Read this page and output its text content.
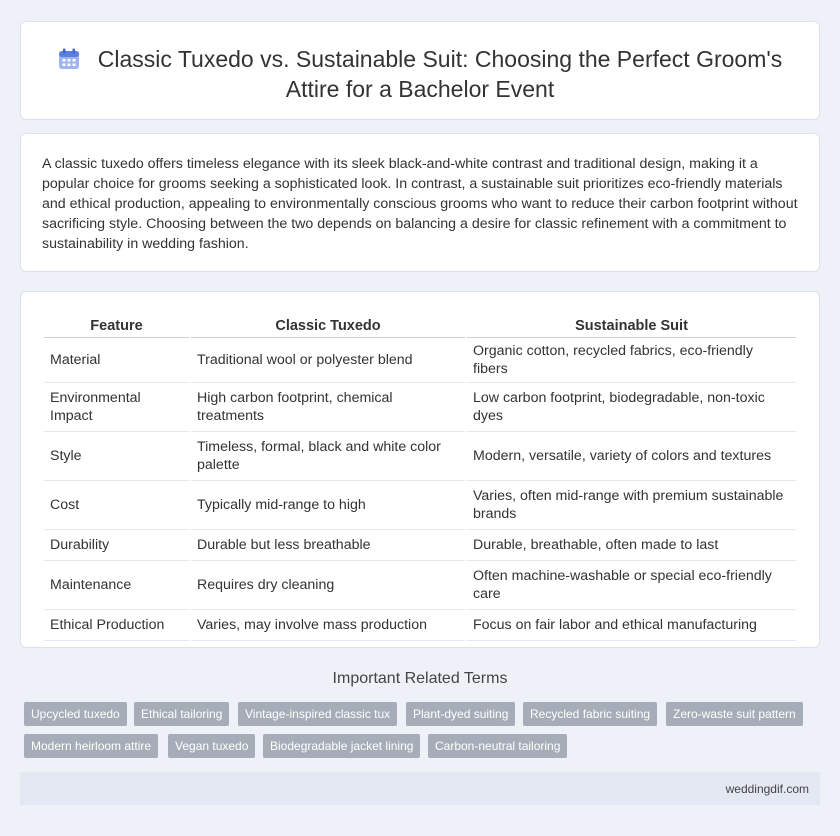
Classic Tuxedo vs. Sustainable Suit: Choosing the Perfect Groom's Attire for a Bachelor Event

A classic tuxedo offers timeless elegance with its sleek black-and-white contrast and traditional design, making it a popular choice for grooms seeking a sophisticated look. In contrast, a sustainable suit prioritizes eco-friendly materials and ethical production, appealing to environmentally conscious grooms who want to reduce their carbon footprint without sacrificing style. Choosing between the two depends on balancing a desire for classic refinement with a commitment to sustainability in wedding fashion.

Feature	Classic Tuxedo	Sustainable Suit
Material	Traditional wool or polyester blend	Organic cotton, recycled fabrics, eco-friendly fibers
Environmental Impact	High carbon footprint, chemical treatments	Low carbon footprint, biodegradable, non-toxic dyes
Style	Timeless, formal, black and white color palette	Modern, versatile, variety of colors and textures
Cost	Typically mid-range to high	Varies, often mid-range with premium sustainable brands
Durability	Durable but less breathable	Durable, breathable, often made to last
Maintenance	Requires dry cleaning	Often machine-washable or special eco-friendly care
Ethical Production	Varies, may involve mass production	Focus on fair labor and ethical manufacturing
Important Related Terms
Upcycled tuxedo	Ethical tailoring	Vintage-inspired classic tux	Plant-dyed suiting	Recycled fabric suiting	Zero-waste suit pattern
Modern heirloom attire	Vegan tuxedo	Biodegradable jacket lining	Carbon-neutral tailoring
weddingdif.com
